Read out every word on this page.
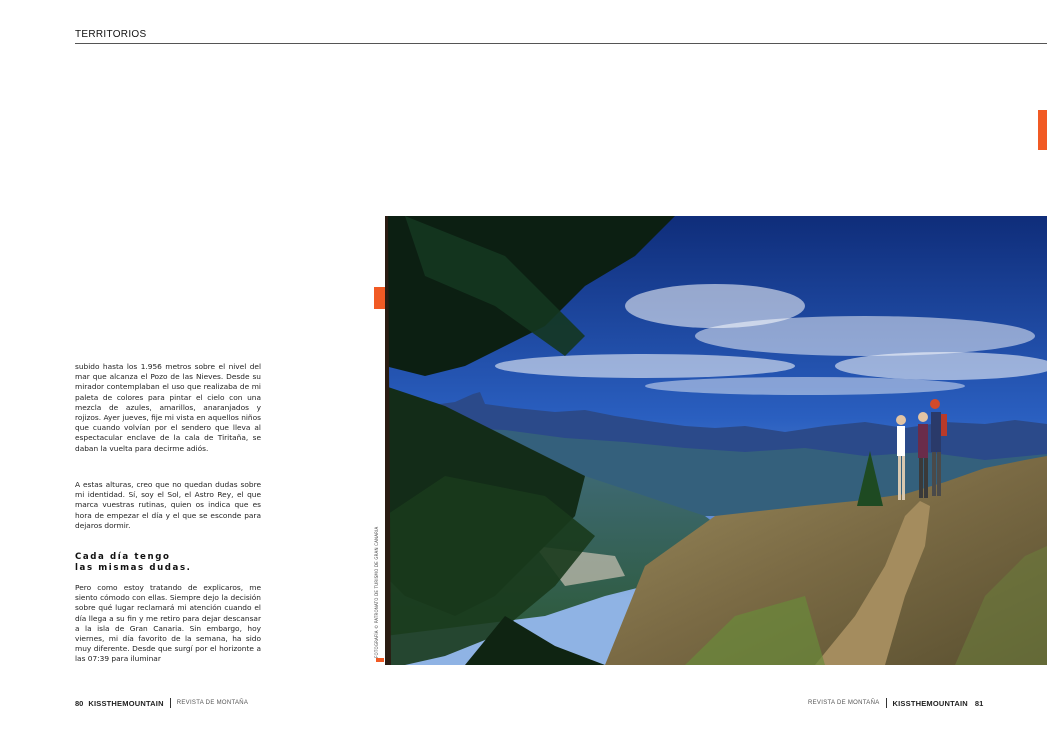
TERRITORIOS

subido hasta los 1.956 metros sobre el nivel del mar que alcanza el Pozo de las Nieves. Desde su mirador contemplaban el uso que realizaba de mi paleta de colores para pintar el cielo con una mezcla de azules, amarillos, anaranjados y rojizos. Ayer jueves, fije mi vista en aquellos niños que cuando volvían por el sendero que lleva al espectacular enclave de la cala de Tiritaña, se daban la vuelta para decirme adiós.

A estas alturas, creo que no quedan dudas sobre mi identidad. Sí, soy el Sol, el Astro Rey, el que marca vuestras rutinas, quien os indica que es hora de empezar el día y el que se esconde para dejaros dormir.

Cada día tengo
las mismas dudas.

Pero como estoy tratando de explicaros, me siento cómodo con ellas. Siempre dejo la decisión sobre qué lugar reclamará mi atención cuando el día llega a su fin y me retiro para dejar descansar a la isla de Gran Canaria. Sin embargo, hoy viernes, mi día favorito de la semana, ha sido muy diferente. Desde que surgí por el horizonte a las 07:39 para iluminar

FOTOGRAFÍA © PATRONATO DE TURISMO DE GRAN CANARIA
80 KISSTHEMOUNTAIN REVISTA DE MONTAÑA	REVISTA DE MONTAÑA KISSTHEMOUNTAIN 81
